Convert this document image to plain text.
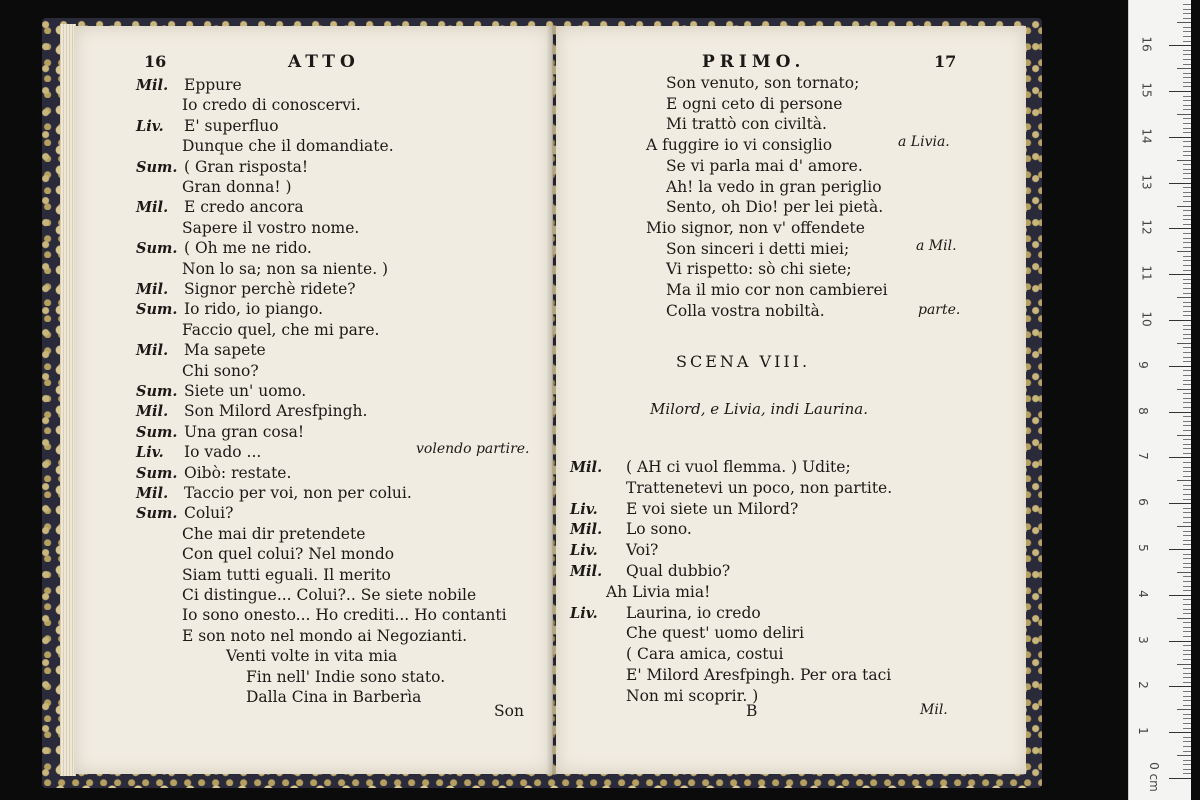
16	ATTO
Mil. Eppure
Io credo di conoscervi.
Liv. E' superfluo
Dunque che il domandiate.
Sum. ( Gran risposta!
Gran donna! )
Mil. E credo ancora
Sapere il vostro nome.
Sum. ( Oh me ne rido.
Non lo sa; non sa niente. )
Mil. Signor perchè ridete?
Sum. Io rido, io piango.
Faccio quel, che mi pare.
Mil. Ma sapete
Chi sono?
Sum. Siete un' uomo.
Mil. Son Milord Aresfpingh.
Sum. Una gran cosa!
Liv. Io vado ...
Sum. Oibò: restate.
Mil. Taccio per voi, non per colui.
Sum. Colui?
Che mai dir pretendete
Con quel colui? Nel mondo
Siam tutti eguali. Il merito
Ci distingue... Colui?.. Se siete nobile
Io sono onesto... Ho crediti... Ho contanti
E son noto nel mondo ai Negozianti.
Venti volte in vita mia
Fin nell' Indie sono stato.
Dalla Cina in Barberìa
volendo partire.
Son
PRIMO.	17
Son venuto, son tornato;
E ogni ceto di persone
Mi trattò con civiltà.
A fuggire io vi consiglio
Se vi parla mai d' amore.
Ah! la vedo in gran periglio
Sento, oh Dio! per lei pietà.
Mio signor, non v' offendete
Son sinceri i detti miei;
Vi rispetto: sò chi siete;
Ma il mio cor non cambierei
Colla vostra nobiltà.
a Livia.
a Mil.
parte.
SCENA VIII.
Milord, e Livia, indi Laurina.
Mil. ( AH ci vuol flemma. ) Udite;
Trattenetevi un poco, non partite.
Liv. E voi siete un Milord?
Mil. Lo sono.
Liv. Voi?
Mil. Qual dubbio?
Ah Livia mia!
Liv. Laurina, io credo
Che quest' uomo deliri
( Cara amica, costui
E' Milord Aresfpingh. Per ora taci
Non mi scoprir. )
B	Mil.
16
15
14
13
12
11
10
9
8
7
6
5
4
3
2
1
0 cm
